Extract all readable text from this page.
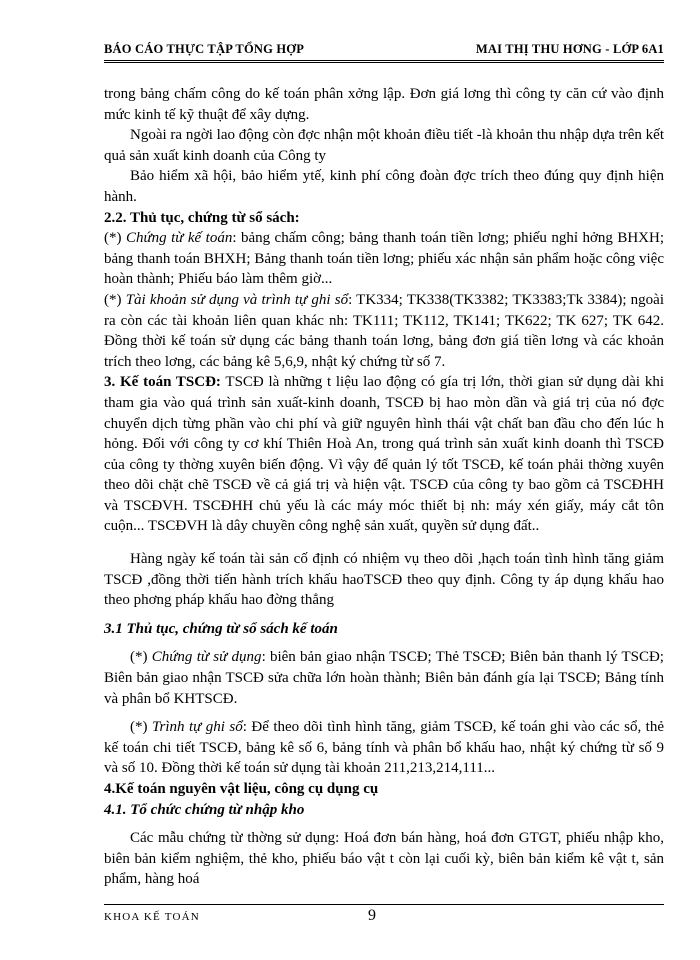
BÁO CÁO THỰC TẬP TỔNG HỢP	MAI THỊ THU HƠNG - LỚP 6A1

trong bảng chấm công do kế toán phân xởng lập. Đơn giá lơng thì công ty căn cứ vào định mức kinh tế kỹ thuật để xây dựng.

Ngoài ra ngời lao động còn đợc nhận một khoản điều tiết -là khoản thu nhập dựa trên kết quả sản xuất kinh doanh của Công ty

Bảo hiểm xã hội, bảo hiểm ytế, kinh phí công đoàn đợc trích theo đúng quy định hiện hành.

2.2. Thủ tục, chứng từ sổ sách:

(*) Chứng từ kế toán: bảng chấm công; bảng thanh toán tiền lơng; phiếu nghỉ hởng BHXH; bảng thanh toán BHXH; Bảng thanh toán tiền lơng; phiếu xác nhận sản phẩm hoặc công việc hoàn thành; Phiếu báo làm thêm giờ...

(*) Tài khoản sử dụng và trình tự ghi sổ: TK334; TK338(TK3382; TK3383;Tk 3384); ngoài ra còn các tài khoản liên quan khác nh: TK111; TK112, TK141; TK622; TK 627; TK 642. Đồng thời kế toán sử dụng các bảng thanh toán lơng, bảng đơn giá tiền lơng và các khoản trích theo lơng, các bảng kê 5,6,9, nhật ký chứng từ số 7.

3. Kế toán TSCĐ: TSCĐ là những t liệu lao động có gía trị lớn, thời gian sử dụng dài khi tham gia vào quá trình sản xuất-kinh doanh, TSCĐ bị hao mòn dần và giá trị của nó đợc chuyển dịch từng phần vào chi phí và giữ nguyên hình thái vật chất ban đầu cho đến lúc h hỏng. Đối với công ty cơ khí Thiên Hoà An, trong quá trình sản xuất kinh doanh thì TSCĐ của công ty thờng xuyên biến động. Vì vậy để quản lý tốt TSCĐ, kế toán phải thờng xuyên theo dõi chặt chẽ TSCĐ về cả giá trị và hiện vật. TSCĐ của công ty bao gồm cả TSCĐHH và TSCĐVH. TSCĐHH chủ yếu là các máy móc thiết bị nh: máy xén giấy, máy cắt tôn cuộn... TSCĐVH là dây chuyền công nghệ sản xuất, quyền sử dụng đất..

Hàng ngày kế toán tài sản cố định có nhiệm vụ theo dõi ,hạch toán tình hình tăng giảm TSCĐ ,đồng thời tiến hành trích khấu haoTSCĐ theo quy định. Công ty áp dụng khấu hao theo phơng pháp khấu hao đờng thẳng

3.1 Thủ tục, chứng từ sổ sách kế toán

(*) Chứng từ sử dụng: biên bản giao nhận TSCĐ; Thẻ TSCĐ; Biên bản thanh lý TSCĐ; Biên bản giao nhận TSCĐ sửa chữa lớn hoàn thành; Biên bản đánh gía lại TSCĐ; Bảng tính và phân bổ KHTSCĐ.

(*) Trình tự ghi sổ: Để theo dõi tình hình tăng, giảm TSCĐ, kế toán ghi vào các sổ, thẻ kế toán chi tiết TSCĐ, bảng kê số 6, bảng tính và phân bổ khấu hao, nhật ký chứng từ số 9 và số 10. Đồng thời kế toán sử dụng tài khoản 211,213,214,111...

4.Kế toán nguyên vật liệu, công cụ dụng cụ

4.1. Tổ chức chứng từ nhập kho

Các mẫu chứng từ thờng sử dụng: Hoá đơn bán hàng, hoá đơn GTGT, phiếu nhập kho, biên bản kiểm nghiệm, thẻ kho, phiếu báo vật t còn lại cuối kỳ, biên bản kiểm kê vật t, sản phẩm, hàng hoá

KHOA KẾ TOÁN	9
